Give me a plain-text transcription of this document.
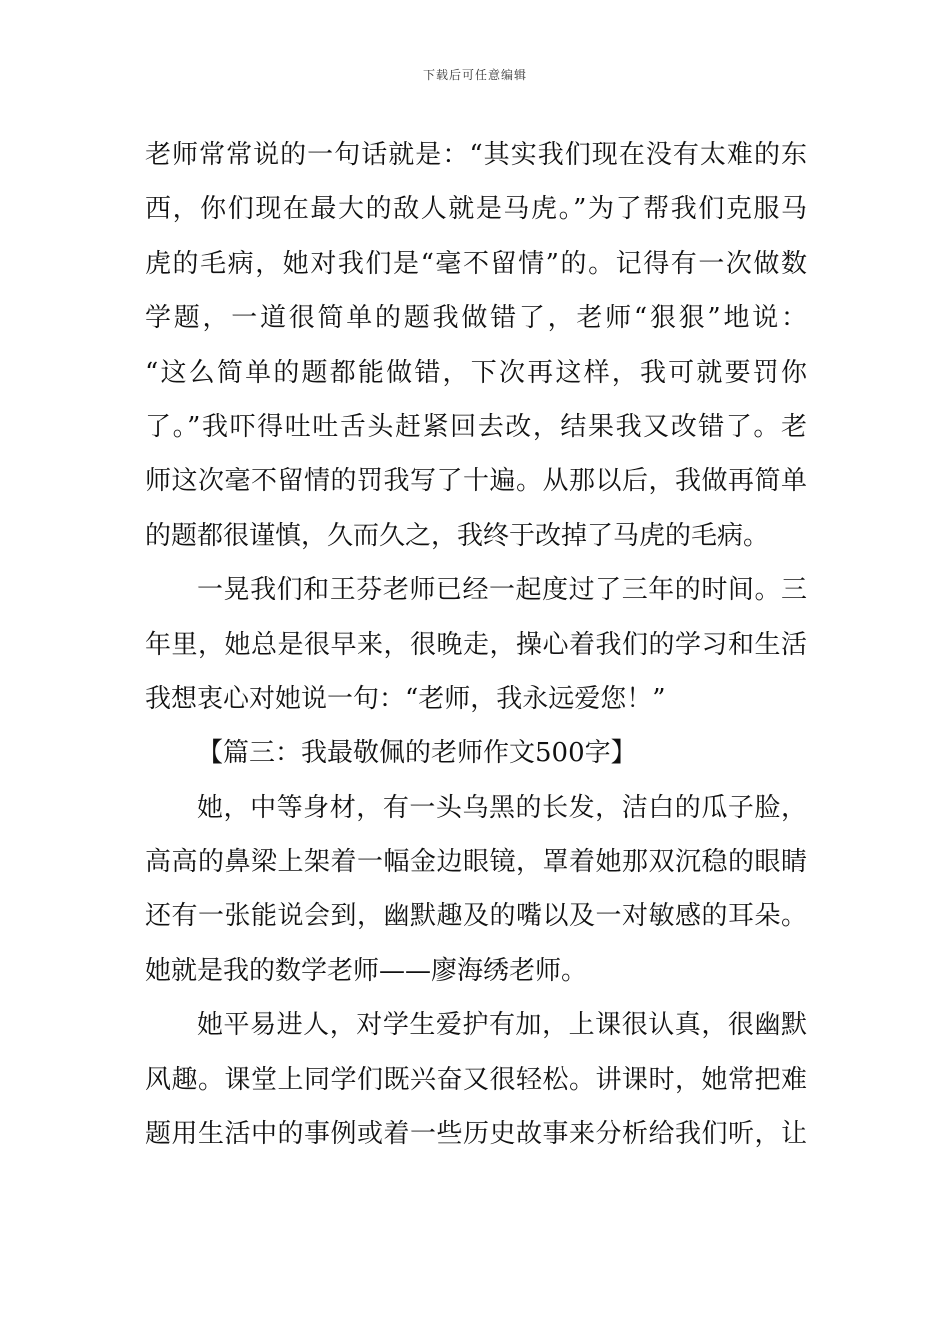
下载后可任意编辑
老师常常说的一句话就是：“其实我们现在没有太难的东
西，你们现在最大的敌人就是马虎。”为了帮我们克服马
虎的毛病，她对我们是“毫不留情”的。记得有一次做数
学题，一道很简单的题我做错了，老师“狠狠”地说：
“这么简单的题都能做错，下次再这样，我可就要罚你
了。”我吓得吐吐舌头赶紧回去改，结果我又改错了。老
师这次毫不留情的罚我写了十遍。从那以后，我做再简单
的题都很谨慎，久而久之，我终于改掉了马虎的毛病。
一晃我们和王芬老师已经一起度过了三年的时间。三
年里，她总是很早来，很晚走，操心着我们的学习和生活
我想衷心对她说一句：“老师，我永远爱您！”
【篇三：我最敬佩的老师作文500字】
她，中等身材，有一头乌黑的长发，洁白的瓜子脸，
高高的鼻梁上架着一幅金边眼镜，罩着她那双沉稳的眼睛
还有一张能说会到，幽默趣及的嘴以及一对敏感的耳朵。
她就是我的数学老师——廖海绣老师。
她平易进人，对学生爱护有加，上课很认真，很幽默
风趣。课堂上同学们既兴奋又很轻松。讲课时，她常把难
题用生活中的事例或着一些历史故事来分析给我们听，让
